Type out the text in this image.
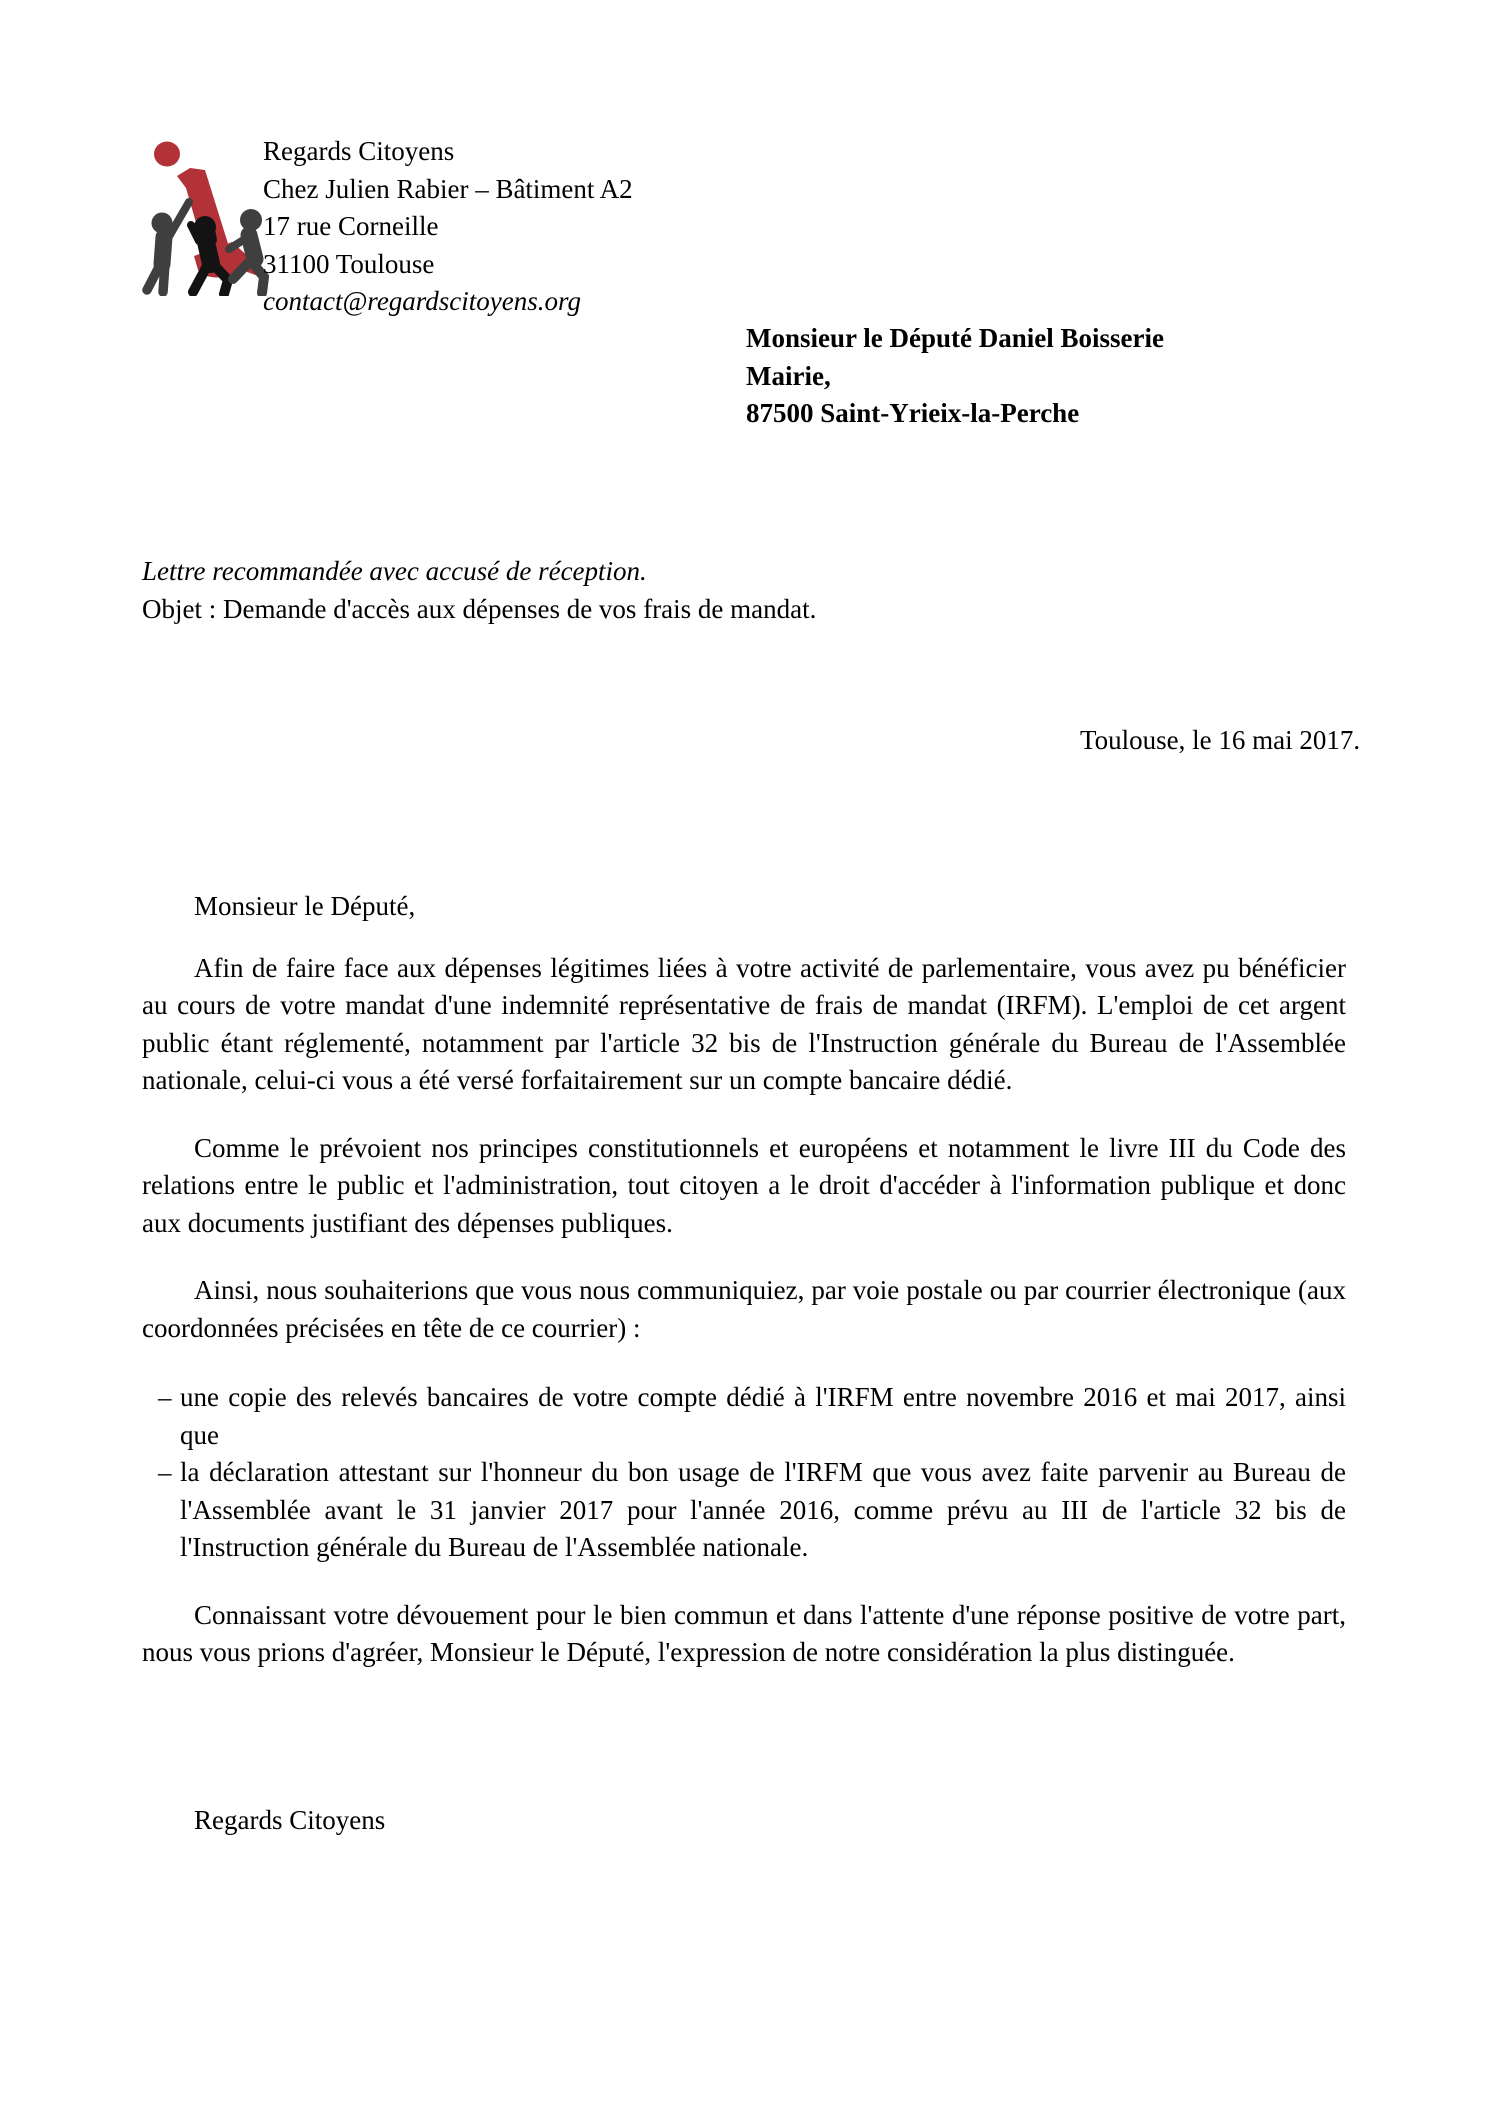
Regards Citoyens
Chez Julien Rabier – Bâtiment A2
17 rue Corneille
31100 Toulouse
contact@regardscitoyens.org
Monsieur le Député Daniel Boisserie
Mairie,
87500 Saint-Yrieix-la-Perche
Lettre recommandée avec accusé de réception.
Objet : Demande d'accès aux dépenses de vos frais de mandat.
Toulouse, le 16 mai 2017.

Monsieur le Député,

Afin de faire face aux dépenses légitimes liées à votre activité de parlementaire, vous avez pu bénéficier au cours de votre mandat d'une indemnité représentative de frais de mandat (IRFM). L'emploi de cet argent public étant réglementé, notamment par l'article 32 bis de l'Instruction générale du Bureau de l'Assemblée nationale, celui-ci vous a été versé forfaitairement sur un compte bancaire dédié.

Comme le prévoient nos principes constitutionnels et européens et notamment le livre III du Code des relations entre le public et l'administration, tout citoyen a le droit d'accéder à l'information publique et donc aux documents justifiant des dépenses publiques.

Ainsi, nous souhaiterions que vous nous communiquiez, par voie postale ou par courrier électronique (aux coordonnées précisées en tête de ce courrier) :

– une copie des relevés bancaires de votre compte dédié à l'IRFM entre novembre 2016 et mai 2017, ainsi que
– la déclaration attestant sur l'honneur du bon usage de l'IRFM que vous avez faite parvenir au Bureau de l'Assemblée avant le 31 janvier 2017 pour l'année 2016, comme prévu au III de l'article 32 bis de l'Instruction générale du Bureau de l'Assemblée nationale.

Connaissant votre dévouement pour le bien commun et dans l'attente d'une réponse positive de votre part, nous vous prions d'agréer, Monsieur le Député, l'expression de notre considération la plus distinguée.

Regards Citoyens
